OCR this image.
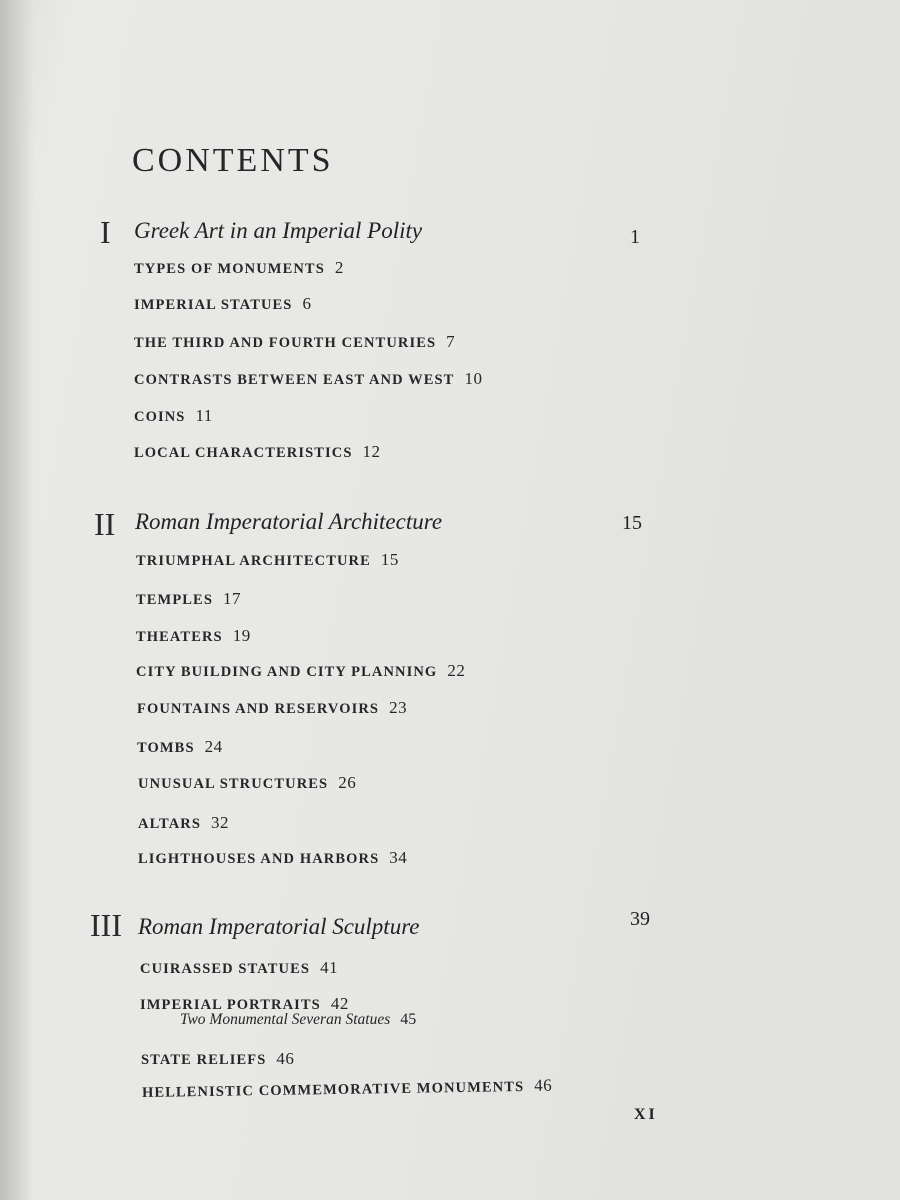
CONTENTS
I Greek Art in an Imperial Polity	1
TYPES OF MONUMENTS 2
IMPERIAL STATUES 6
THE THIRD AND FOURTH CENTURIES 7
CONTRASTS BETWEEN EAST AND WEST 10
COINS 11
LOCAL CHARACTERISTICS 12
II Roman Imperatorial Architecture	15
TRIUMPHAL ARCHITECTURE 15
TEMPLES 17
THEATERS 19
CITY BUILDING AND CITY PLANNING 22
FOUNTAINS AND RESERVOIRS 23
TOMBS 24
UNUSUAL STRUCTURES 26
ALTARS 32
LIGHTHOUSES AND HARBORS 34
III Roman Imperatorial Sculpture	39
CUIRASSED STATUES 41
IMPERIAL PORTRAITS 42
Two Monumental Severan Statues 45
STATE RELIEFS 46
HELLENISTIC COMMEMORATIVE MONUMENTS 46
XI
